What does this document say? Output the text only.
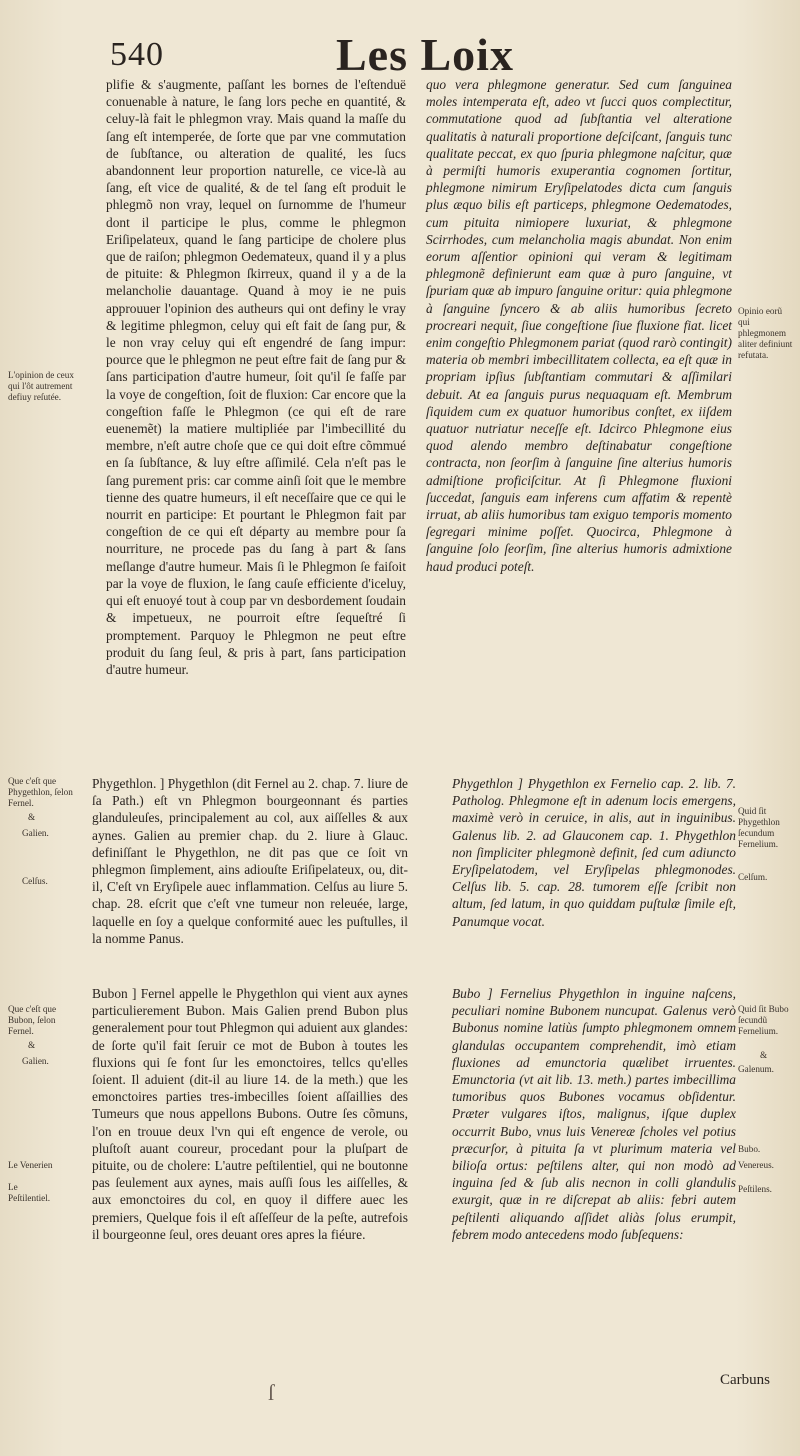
540	Les Loix

plifie & s'augmente, paſſant les bornes de l'eſtenduë conuenable à nature, le ſang lors peche en quantité, & celuy-là fait le phlegmon vray. Mais quand la maſſe du ſang eſt intemperée, de ſorte que par vne commutation de ſubſtance, ou alteration de qualité, les ſucs abandonnent leur proportion naturelle, ce vice-là au ſang, eſt vice de qualité, & de tel ſang eſt produit le phlegmõ non vray, lequel on ſurnomme de l'humeur dont il participe le plus, comme le phlegmon Eriſipelateux, quand le ſang participe de cholere plus que de raiſon; phlegmon Oedemateux, quand il y a plus de pituite: & Phlegmon ſkirreux, quand il y a de la melancholie dauantage. Quand à moy ie ne puis approuuer l'opinion des autheurs qui ont definy le vray & legitime phlegmon, celuy qui eſt fait de ſang pur, & le non vray celuy qui eſt engendré de ſang impur: pource que le phlegmon ne peut eſtre fait de ſang pur & ſans participation d'autre humeur, ſoit qu'il ſe faſſe par la voye de congeſtion, ſoit de fluxion: Car encore que la congeſtion faſſe le Phlegmon (ce qui eſt de rare euenemẽt) la matiere multipliée par l'imbecillité du membre, n'eſt autre choſe que ce qui doit eſtre cõmmué en ſa ſubſtance, & luy eſtre aſſimilé. Cela n'eſt pas le ſang purement pris: car comme ainſi ſoit que le membre tienne des quatre humeurs, il eſt neceſſaire que ce qui le nourrit en participe: Et pourtant le Phlegmon fait par congeſtion de ce qui eſt départy au membre pour ſa nourriture, ne procede pas du ſang à part & ſans meſlange d'autre humeur. Mais ſi le Phlegmon ſe faiſoit par la voye de fluxion, le ſang cauſe efficiente d'iceluy, qui eſt enuoyé tout à coup par vn desbordement ſoudain & impetueux, ne pourroit eſtre ſequeſtré ſi promptement. Parquoy le Phlegmon ne peut eſtre produit du ſang ſeul, & pris à part, ſans participation d'autre humeur.

quo vera phlegmone generatur. Sed cum ſanguinea moles intemperata eſt, adeo vt ſucci quos complectitur, commutatione quod ad ſubſtantia vel alteratione qualitatis à naturali proportione deſciſcant, ſanguis tunc qualitate peccat, ex quo ſpuria phlegmone naſcitur, quæ à permiſti humoris exuperantia cognomen ſortitur, phlegmone nimirum Eryſipelatodes dicta cum ſanguis plus æquo bilis eſt particeps, phlegmone Oedematodes, cum pituita nimiopere luxuriat, & phlegmone Scirrhodes, cum melancholia magis abundat. Non enim eorum aſſentior opinioni qui veram & legitimam phlegmonẽ definierunt eam quæ à puro ſanguine, vt ſpuriam quæ ab impuro ſanguine oritur: quia phlegmone à ſanguine ſyncero & ab aliis humoribus ſecreto procreari nequit, ſiue congeſtione ſiue fluxione fiat. licet enim congeſtio Phlegmonem pariat (quod rarò contingit) materia ob membri imbecillitatem collecta, ea eſt quæ in propriam ipſius ſubſtantiam commutari & aſſimilari debuit. At ea ſanguis purus nequaquam eſt. Membrum ſiquidem cum ex quatuor humoribus conſtet, ex iiſdem quatuor nutriatur neceſſe eſt. Idcirco Phlegmone eius quod alendo membro deſtinabatur congeſtione contracta, non ſeorſim à ſanguine ſine alterius humoris admiſtione proficiſcitur. At ſi Phlegmone fluxioni ſuccedat, ſanguis eam inferens cum affatim & repentè irruat, ab aliis humoribus tam exiguo temporis momento ſegregari minime poſſet. Quocirca, Phlegmone à ſanguine ſolo ſeorſim, ſine alterius humoris admixtione haud produci poteſt.

Phygethlon. ] Phygethlon (dit Fernel au 2. chap. 7. liure de ſa Path.) eſt vn Phlegmon bourgeonnant és parties glanduleuſes, principalement au col, aux aiſſelles & aux aynes. Galien au premier chap. du 2. liure à Glauc. definiſſant le Phygethlon, ne dit pas que ce ſoit vn phlegmon ſimplement, ains adiouſte Eriſipelateux, ou, dit-il, C'eſt vn Eryſipele auec inflammation. Celſus au liure 5. chap. 28. eſcrit que c'eſt vne tumeur non releuée, large, laquelle en ſoy a quelque conformité auec les puſtulles, il la nomme Panus.

Bubon ] Fernel appelle le Phygethlon qui vient aux aynes particulierement Bubon. Mais Galien prend Bubon plus generalement pour tout Phlegmon qui aduient aux glandes: de ſorte qu'il fait ſeruir ce mot de Bubon à toutes les fluxions qui ſe font ſur les emonctoires, tellcs qu'elles ſoient. Il aduient (dit-il au liure 14. de la meth.) que les emonctoires parties tres-imbecilles ſoient aſſaillies des Tumeurs que nous appellons Bubons. Outre ſes cõmuns, l'on en trouue deux l'vn qui eſt engence de verole, ou pluſtoſt auant coureur, procedant pour la pluſpart de pituite, ou de cholere: L'autre peſtilentiel, qui ne boutonne pas ſeulement aux aynes, mais auſſi ſous les aiſſelles, & aux emonctoires du col, en quoy il differe auec les premiers, Quelque fois il eſt aſſeſſeur de la peſte, autrefois il bourgeonne ſeul, ores deuant ores apres la fiéure.

Phygethlon ] Phygethlon ex Fernelio cap. 2. lib. 7. Patholog. Phlegmone eſt in adenum locis emergens, maximè verò in ceruice, in alis, aut in inguinibus. Galenus lib. 2. ad Glauconem cap. 1. Phygethlon non ſimpliciter phlegmonè definit, ſed cum adiuncto Eryſipelatodem, vel Eryſipelas phlegmonodes. Celſus lib. 5. cap. 28. tumorem eſſe ſcribit non altum, ſed latum, in quo quiddam puſtulæ ſimile eſt, Panumque vocat.

Bubo ] Fernelius Phygethlon in inguine naſcens, peculiari nomine Bubonem nuncupat. Galenus verò Bubonus nomine latiùs ſumpto phlegmonem omnem glandulas occupantem comprehendit, imò etiam fluxiones ad emunctoria quælibet irruentes. Emunctoria (vt ait lib. 13. meth.) partes imbecillima tumoribus quos Bubones vocamus obſidentur. Præter vulgares iſtos, malignus, iſque duplex occurrit Bubo, vnus luis Venereæ ſcholes vel potius præcurſor, à pituita ſa vt plurimum materia vel bilioſa ortus: peſtilens alter, qui non modò ad inguina ſed & ſub alis necnon in colli glandulis exurgit, quæ in re diſcrepat ab aliis: febri autem peſtilenti aliquando aſſidet aliàs ſolus erumpit, febrem modo antecedens modo ſubſequens:

L'opinion de ceux qui l'ôt autrement defiuy reſutée.
Que c'eſt que Phygethlon, ſelon Fernel.
&
Galien.
Celſus.
Que c'eſt que Bubon, ſelon Fernel.
&
Galien.
Le Venerien
Le Peſtilentiel.
Opinio eorũ qui phlegmonem aliter definiunt refutata.
Quid ſit Phygethlon ſecundum Fernelium.
Celſum.
Quid ſit Bubo ſecundũ Fernelium.
&
Galenum.
Bubo.
Venereus.
Peſtilens.
ſ	Carbuns
